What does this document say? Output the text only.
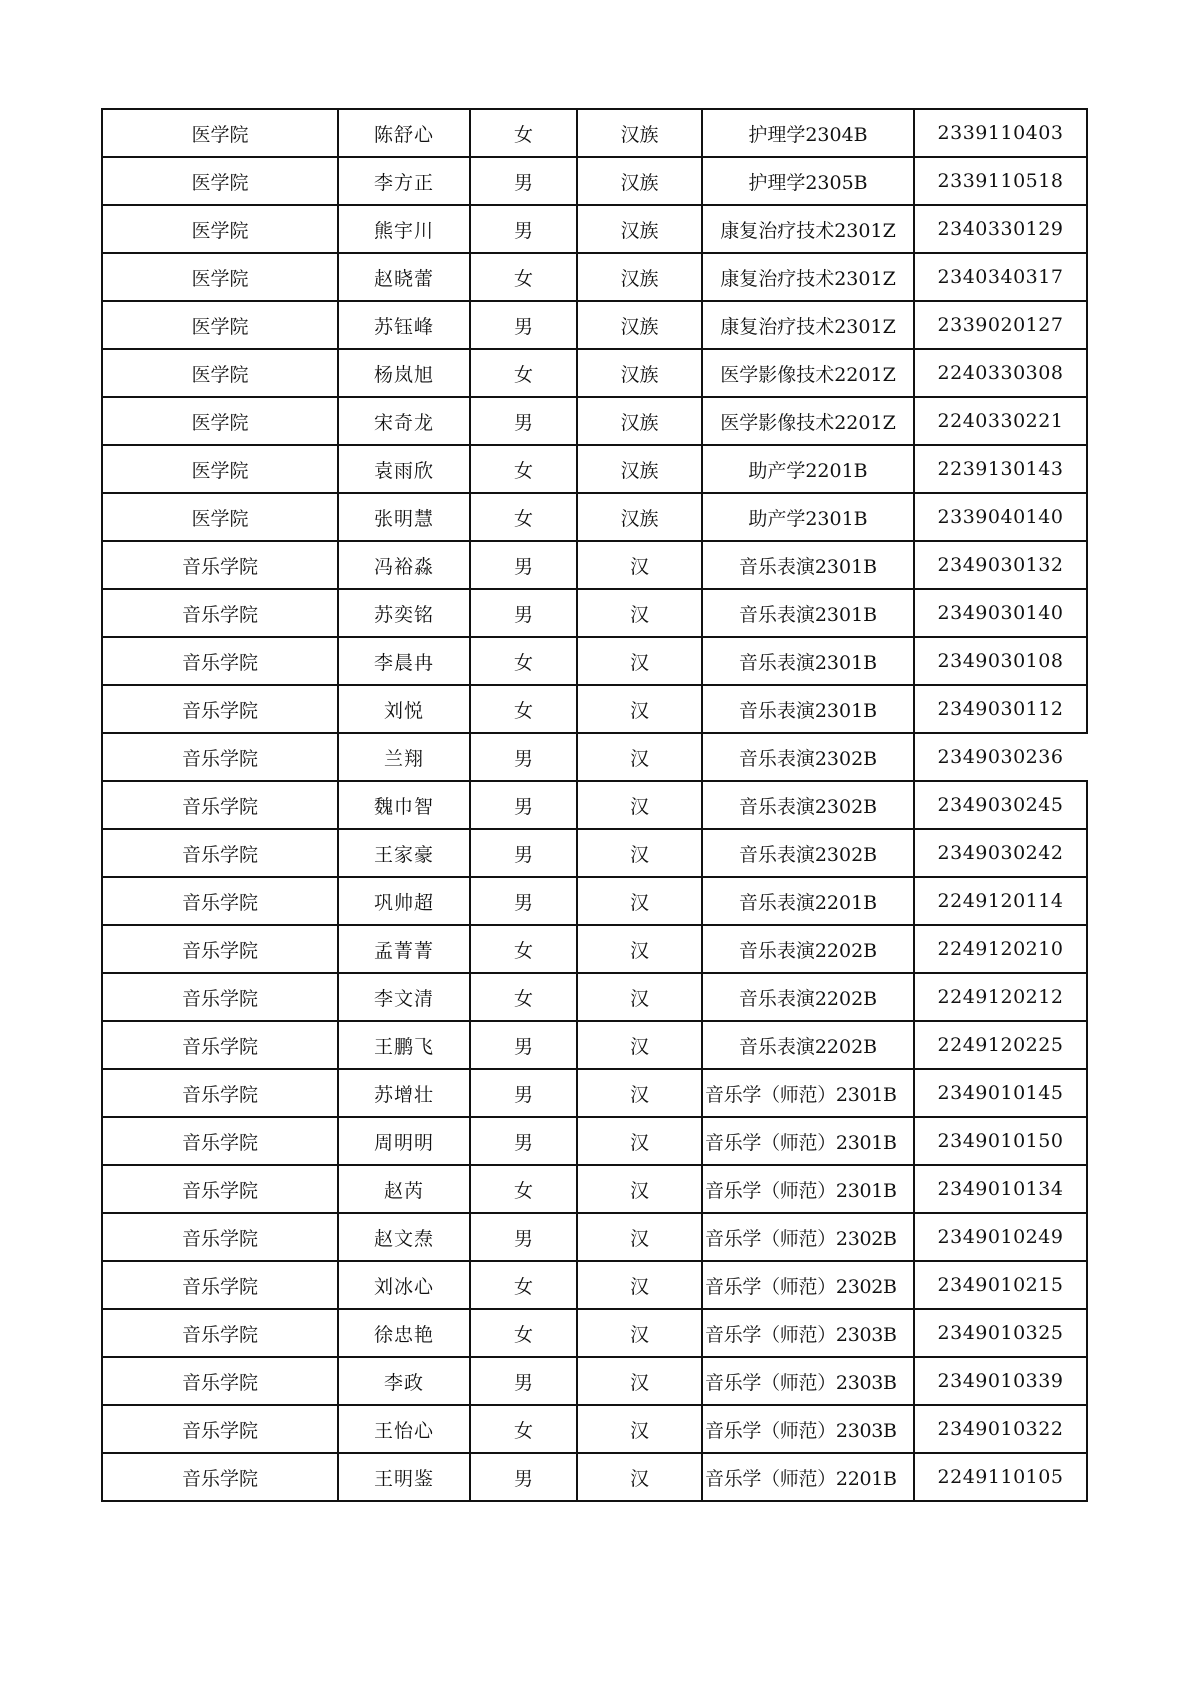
医学院	陈舒心	女	汉族	护理学2304B	2339110403
医学院	李方正	男	汉族	护理学2305B	2339110518
医学院	熊宇川	男	汉族	康复治疗技术2301Z	2340330129
医学院	赵晓蕾	女	汉族	康复治疗技术2301Z	2340340317
医学院	苏钰峰	男	汉族	康复治疗技术2301Z	2339020127
医学院	杨岚旭	女	汉族	医学影像技术2201Z	2240330308
医学院	宋奇龙	男	汉族	医学影像技术2201Z	2240330221
医学院	袁雨欣	女	汉族	助产学2201B	2239130143
医学院	张明慧	女	汉族	助产学2301B	2339040140
音乐学院	冯裕淼	男	汉	音乐表演2301B	2349030132
音乐学院	苏奕铭	男	汉	音乐表演2301B	2349030140
音乐学院	李晨冉	女	汉	音乐表演2301B	2349030108
音乐学院	刘悦	女	汉	音乐表演2301B	2349030112
音乐学院	兰翔	男	汉	音乐表演2302B	2349030236
音乐学院	魏巾智	男	汉	音乐表演2302B	2349030245
音乐学院	王家豪	男	汉	音乐表演2302B	2349030242
音乐学院	巩帅超	男	汉	音乐表演2201B	2249120114
音乐学院	孟菁菁	女	汉	音乐表演2202B	2249120210
音乐学院	李文清	女	汉	音乐表演2202B	2249120212
音乐学院	王鹏飞	男	汉	音乐表演2202B	2249120225
音乐学院	苏增壮	男	汉	音乐学（师范）2301B	2349010145
音乐学院	周明明	男	汉	音乐学（师范）2301B	2349010150
音乐学院	赵芮	女	汉	音乐学（师范）2301B	2349010134
音乐学院	赵文焘	男	汉	音乐学（师范）2302B	2349010249
音乐学院	刘冰心	女	汉	音乐学（师范）2302B	2349010215
音乐学院	徐忠艳	女	汉	音乐学（师范）2303B	2349010325
音乐学院	李政	男	汉	音乐学（师范）2303B	2349010339
音乐学院	王怡心	女	汉	音乐学（师范）2303B	2349010322
音乐学院	王明鉴	男	汉	音乐学（师范）2201B	2249110105
